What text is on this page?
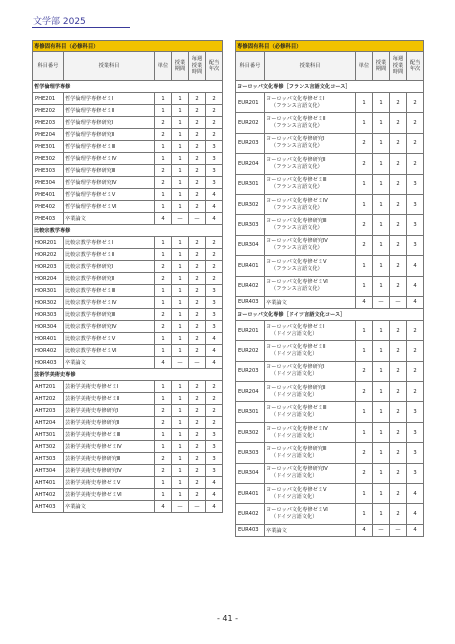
文学部 2025
専修固有科目（必修科目）					
科目番号	授業科目	単位	授業期間	毎週授業時間	配当年次
哲学倫理学専修					
PHE201	哲学倫理学専修ゼミⅠ	1	1	2	2
PHE202	哲学倫理学専修ゼミⅡ	1	1	2	2
PHE203	哲学倫理学専修研究Ⅰ	2	1	2	2
PHE204	哲学倫理学専修研究Ⅱ	2	1	2	2
PHE301	哲学倫理学専修ゼミⅢ	1	1	2	3
PHE302	哲学倫理学専修ゼミⅣ	1	1	2	3
PHE303	哲学倫理学専修研究Ⅲ	2	1	2	3
PHE304	哲学倫理学専修研究Ⅳ	2	1	2	3
PHE401	哲学倫理学専修ゼミⅤ	1	1	2	4
PHE402	哲学倫理学専修ゼミⅥ	1	1	2	4
PHE403	卒業論文	4	—	—	4
比較宗教学専修					
HOR201	比較宗教学専修ゼミⅠ	1	1	2	2
HOR202	比較宗教学専修ゼミⅡ	1	1	2	2
HOR203	比較宗教学専修研究Ⅰ	2	1	2	2
HOR204	比較宗教学専修研究Ⅱ	2	1	2	2
HOR301	比較宗教学専修ゼミⅢ	1	1	2	3
HOR302	比較宗教学専修ゼミⅣ	1	1	2	3
HOR303	比較宗教学専修研究Ⅲ	2	1	2	3
HOR304	比較宗教学専修研究Ⅳ	2	1	2	3
HOR401	比較宗教学専修ゼミⅤ	1	1	2	4
HOR402	比較宗教学専修ゼミⅥ	1	1	2	4
HOR403	卒業論文	4	—	—	4
芸術学美術史専修					
AHT201	芸術学美術史専修ゼミⅠ	1	1	2	2
AHT202	芸術学美術史専修ゼミⅡ	1	1	2	2
AHT203	芸術学美術史専修研究Ⅰ	2	1	2	2
AHT204	芸術学美術史専修研究Ⅱ	2	1	2	2
AHT301	芸術学美術史専修ゼミⅢ	1	1	2	3
AHT302	芸術学美術史専修ゼミⅣ	1	1	2	3
AHT303	芸術学美術史専修研究Ⅲ	2	1	2	3
AHT304	芸術学美術史専修研究Ⅳ	2	1	2	3
AHT401	芸術学美術史専修ゼミⅤ	1	1	2	4
AHT402	芸術学美術史専修ゼミⅥ	1	1	2	4
AHT403	卒業論文	4	—	—	4
専修固有科目（必修科目）					
科目番号	授業科目	単位	授業期間	毎週授業時間	配当年次
ヨーロッパ文化専修［フランス言語文化コース］					
EUR201	ヨーロッパ文化専修ゼミⅠ
（フランス言語文化）	1	1	2	2
EUR202	ヨーロッパ文化専修ゼミⅡ
（フランス言語文化）	1	1	2	2
EUR203	ヨーロッパ文化専修研究Ⅰ
（フランス言語文化）	2	1	2	2
EUR204	ヨーロッパ文化専修研究Ⅱ
（フランス言語文化）	2	1	2	2
EUR301	ヨーロッパ文化専修ゼミⅢ
（フランス言語文化）	1	1	2	3
EUR302	ヨーロッパ文化専修ゼミⅣ
（フランス言語文化）	1	1	2	3
EUR303	ヨーロッパ文化専修研究Ⅲ
（フランス言語文化）	2	1	2	3
EUR304	ヨーロッパ文化専修研究Ⅳ
（フランス言語文化）	2	1	2	3
EUR401	ヨーロッパ文化専修ゼミⅤ
（フランス言語文化）	1	1	2	4
EUR402	ヨーロッパ文化専修ゼミⅥ
（フランス言語文化）	1	1	2	4
EUR403	卒業論文	4	—	—	4
ヨーロッパ文化専修［ドイツ言語文化コース］					
EUR201	ヨーロッパ文化専修ゼミⅠ
（ドイツ言語文化）	1	1	2	2
EUR202	ヨーロッパ文化専修ゼミⅡ
（ドイツ言語文化）	1	1	2	2
EUR203	ヨーロッパ文化専修研究Ⅰ
（ドイツ言語文化）	2	1	2	2
EUR204	ヨーロッパ文化専修研究Ⅱ
（ドイツ言語文化）	2	1	2	2
EUR301	ヨーロッパ文化専修ゼミⅢ
（ドイツ言語文化）	1	1	2	3
EUR302	ヨーロッパ文化専修ゼミⅣ
（ドイツ言語文化）	1	1	2	3
EUR303	ヨーロッパ文化専修研究Ⅲ
（ドイツ言語文化）	2	1	2	3
EUR304	ヨーロッパ文化専修研究Ⅳ
（ドイツ言語文化）	2	1	2	3
EUR401	ヨーロッパ文化専修ゼミⅤ
（ドイツ言語文化）	1	1	2	4
EUR402	ヨーロッパ文化専修ゼミⅥ
（ドイツ言語文化）	1	1	2	4
EUR403	卒業論文	4	—	—	4
- 41 -
